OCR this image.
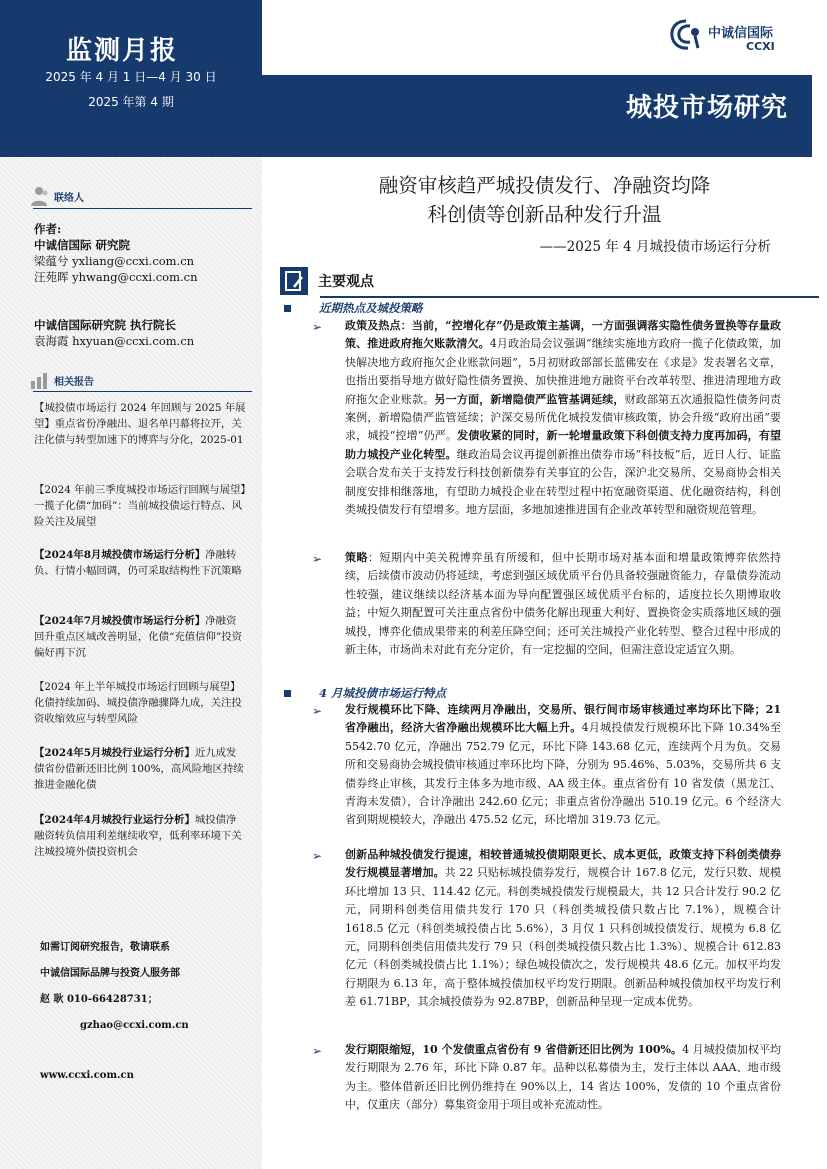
监测月报
2025 年 4 月 1 日—4 月 30 日
2025 年第 4 期
中诚信国际
CCXI
城投市场研究
联络人
作者:
中诚信国际 研究院
梁蕴兮 yxliang@ccxi.com.cn
汪苑晖 yhwang@ccxi.com.cn
中诚信国际研究院 执行院长
袁海霞 hxyuan@ccxi.com.cn
相关报告
【城投债市场运行 2024 年回顾与 2025 年展望】重点省份净融出、退名单円幕将拉开，关注化债与转型加速下的博弈与分化，2025-01
【2024 年前三季度城投市场运行回顾与展望】一揽子化债“加码”：当前城投债运行特点、风险关注及展望
【2024年8月城投债市场运行分析】净融转负、行情小幅回调，仍可采取结构性下沉策略
【2024年7月城投债市场运行分析】净融资回升重点区域改善明显，化债“充值信仰”投资偏好再下沉
【2024 年上半年城投市场运行回顾与展望】化债持续加码、城投债净融骤降九成，关注投资收缩效应与转型风险
【2024年5月城投行业运行分析】近九成发债省份借新还旧比例 100%，高风险地区持续推进金融化债
【2024年4月城投行业运行分析】城投债净融资转负信用利差继续收窄，低利率环境下关注城投境外债投资机会
如需订阅研究报告，敬请联系
中诚信国际品牌与投资人服务部
赵 耿 010-66428731；
gzhao@ccxi.com.cn
www.ccxi.com.cn
融资审核趋严城投债发行、净融资均降
科创债等创新品种发行升温
——2025 年 4 月城投债市场运行分析
主要观点
近期热点及城投策略
➢ 政策及热点：当前，“控增化存”仍是政策主基调，一方面强调落实隐性债务置换等存量政策、推进政府拖欠账款清欠。4月政治局会议强调“继续实施地方政府一揽子化债政策，加快解决地方政府拖欠企业账款问题”，5月初财政部部长蓝佛安在《求是》发表署名文章，也指出要指导地方做好隐性债务置换、加快推进地方融资平台改革转型、推进清理地方政府拖欠企业账款。另一方面，新增隐债严监管基调延续，财政部第五次通报隐性债务问责案例，新增隐债严监管延续；沪深交易所优化城投发债审核政策，协会升级“政府出函”要求，城投“控增”仍严。发债收紧的同时，新一轮增量政策下科创债支持力度再加码，有望助力城投产业化转型。继政治局会议再提创新推出债券市场“科技板”后，近日人行、证监会联合发布关于支持发行科技创新债券有关事宜的公告，深沪北交易所、交易商协会相关制度安排相继落地，有望助力城投企业在转型过程中拓宽融资渠道、优化融资结构，科创类城投债发行有望增多。地方层面，多地加速推进国有企业改革转型和融资规范管理。
➢ 策略：短期内中美关税博弈虽有所缓和，但中长期市场对基本面和增量政策博弈依然持续，后续债市波动仍将延续，考虑到强区域优质平台仍具备较强融资能力，存量债券流动性较强，建议继续以经济基本面为导向配置强区域优质平台标的，适度拉长久期博取收益；中短久期配置可关注重点省份中债务化解出现重大利好、置换资金实质落地区域的强城投，博弈化债成果带来的利差压降空间；还可关注城投产业化转型、整合过程中形成的新主体，市场尚未对此有充分定价，有一定挖掘的空间，但需注意设定适宜久期。
4 月城投债市场运行特点
➢ 发行规模环比下降、连续两月净融出，交易所、银行间市场审核通过率均环比下降；21 省净融出，经济大省净融出规模环比大幅上升。4月城投债发行规模环比下降 10.34%至 5542.70 亿元，净融出 752.79 亿元，环比下降 143.68 亿元，连续两个月为负。交易所和交易商协会城投债审核通过率环比均下降，分别为 95.46%、5.03%，交易所共 6 支债券终止审核，其发行主体多为地市级、AA 级主体。重点省份有 10 省发债（黑龙江、青海未发债），合计净融出 242.60 亿元；非重点省份净融出 510.19 亿元。6 个经济大省到期规模较大，净融出 475.52 亿元，环比增加 319.73 亿元。
➢ 创新品种城投债发行提速，相较普通城投债期限更长、成本更低，政策支持下科创类债券发行规模显著增加。共 22 只贴标城投债券发行，规模合计 167.8 亿元，发行只数、规模环比增加 13 只、114.42 亿元。科创类城投债发行规模最大，共 12 只合计发行 90.2 亿元，同期科创类信用债共发行 170 只（科创类城投债只数占比 7.1%），规模合计 1618.5 亿元（科创类城投债占比 5.6%），3 月仅 1 只科创城投债发行、规模为 6.8 亿元，同期科创类信用债共发行 79 只（科创类城投债只数占比 1.3%）、规模合计 612.83 亿元（科创类城投债占比 1.1%）；绿色城投债次之，发行规模共 48.6 亿元。加权平均发行期限为 6.13 年，高于整体城投债加权平均发行期限。创新品种城投债加权平均发行利差 61.71BP，其余城投债券为 92.87BP，创新品种呈现一定成本优势。
➢ 发行期限缩短，10 个发债重点省份有 9 省借新还旧比例为 100%。4 月城投债加权平均发行期限为 2.76 年，环比下降 0.87 年。品种以私募债为主，发行主体以 AAA、地市级为主。整体借新还旧比例仍维持在 90%以上，14 省达 100%，发债的 10 个重点省份中，仅重庆（部分）募集资金用于项目或补充流动性。
